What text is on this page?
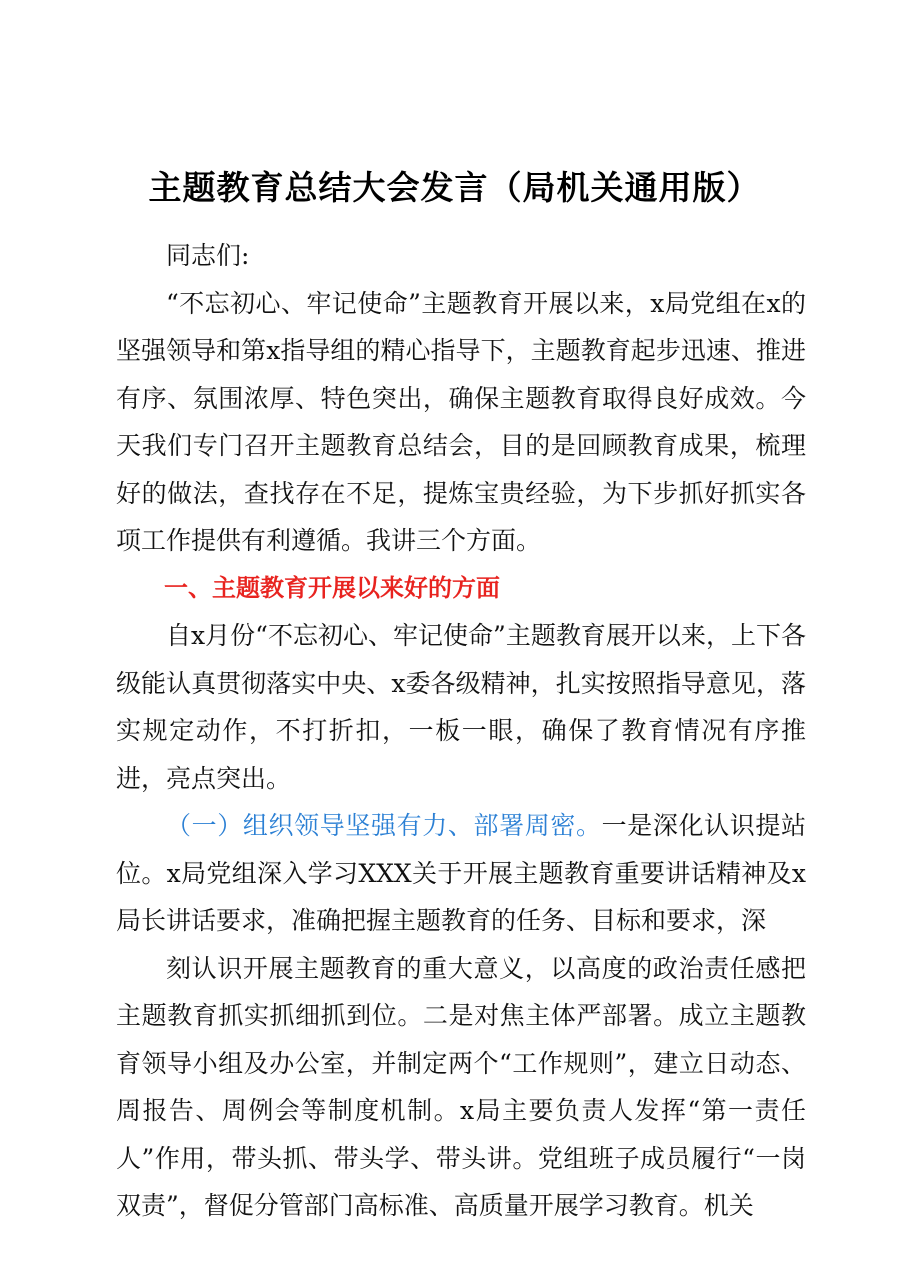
主题教育总结大会发言（局机关通用版）

同志们:

“不忘初心、牢记使命”主题教育开展以来，x局党组在x的坚强领导和第x指导组的精心指导下，主题教育起步迅速、推进有序、氛围浓厚、特色突出，确保主题教育取得良好成效。今天我们专门召开主题教育总结会，目的是回顾教育成果，梳理好的做法，查找存在不足，提炼宝贵经验，为下步抓好抓实各项工作提供有利遵循。我讲三个方面。

一、主题教育开展以来好的方面

自x月份“不忘初心、牢记使命”主题教育展开以来，上下各级能认真贯彻落实中央、x委各级精神，扎实按照指导意见，落实规定动作，不打折扣，一板一眼，确保了教育情况有序推进，亮点突出。

（一）组织领导坚强有力、部署周密。一是深化认识提站位。x局党组深入学习XXX关于开展主题教育重要讲话精神及x局长讲话要求，准确把握主题教育的任务、目标和要求，深

刻认识开展主题教育的重大意义，以高度的政治责任感把主题教育抓实抓细抓到位。二是对焦主体严部署。成立主题教育领导小组及办公室，并制定两个“工作规则”，建立日动态、周报告、周例会等制度机制。x局主要负责人发挥“第一责任人”作用，带头抓、带头学、带头讲。党组班子成员履行“一岗双责”，督促分管部门高标准、高质量开展学习教育。机关
